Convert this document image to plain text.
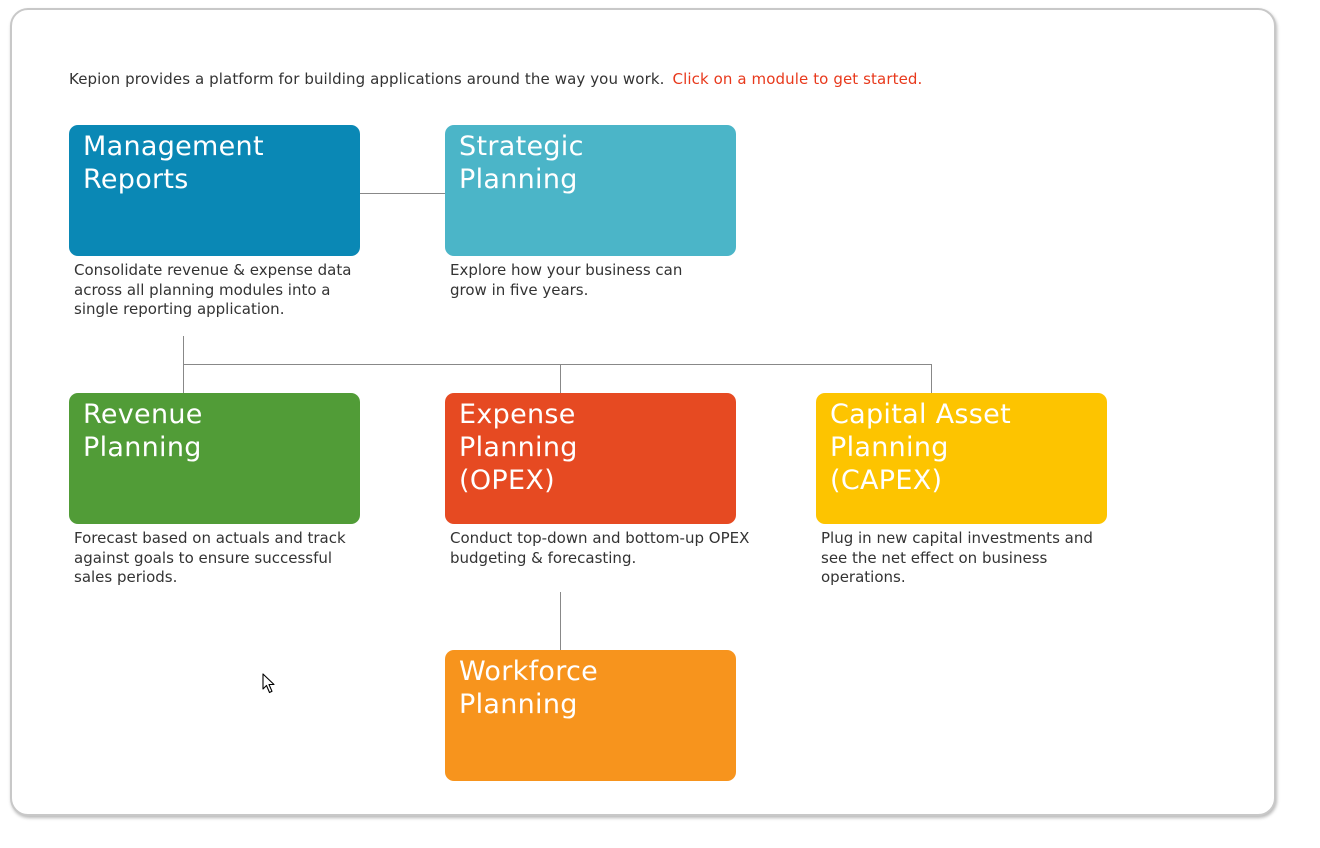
Kepion provides a platform for building applications around the way you work. Click on a module to get started.
Management
Reports
Consolidate revenue & expense data across all planning modules into a single reporting application.
Strategic
Planning
Explore how your business can grow in five years.
Revenue
Planning
Forecast based on actuals and track against goals to ensure successful sales periods.
Expense
Planning
(OPEX)
Conduct top-down and bottom-up OPEX budgeting & forecasting.
Capital Asset
Planning
(CAPEX)
Plug in new capital investments and see the net effect on business operations.
Workforce
Planning
